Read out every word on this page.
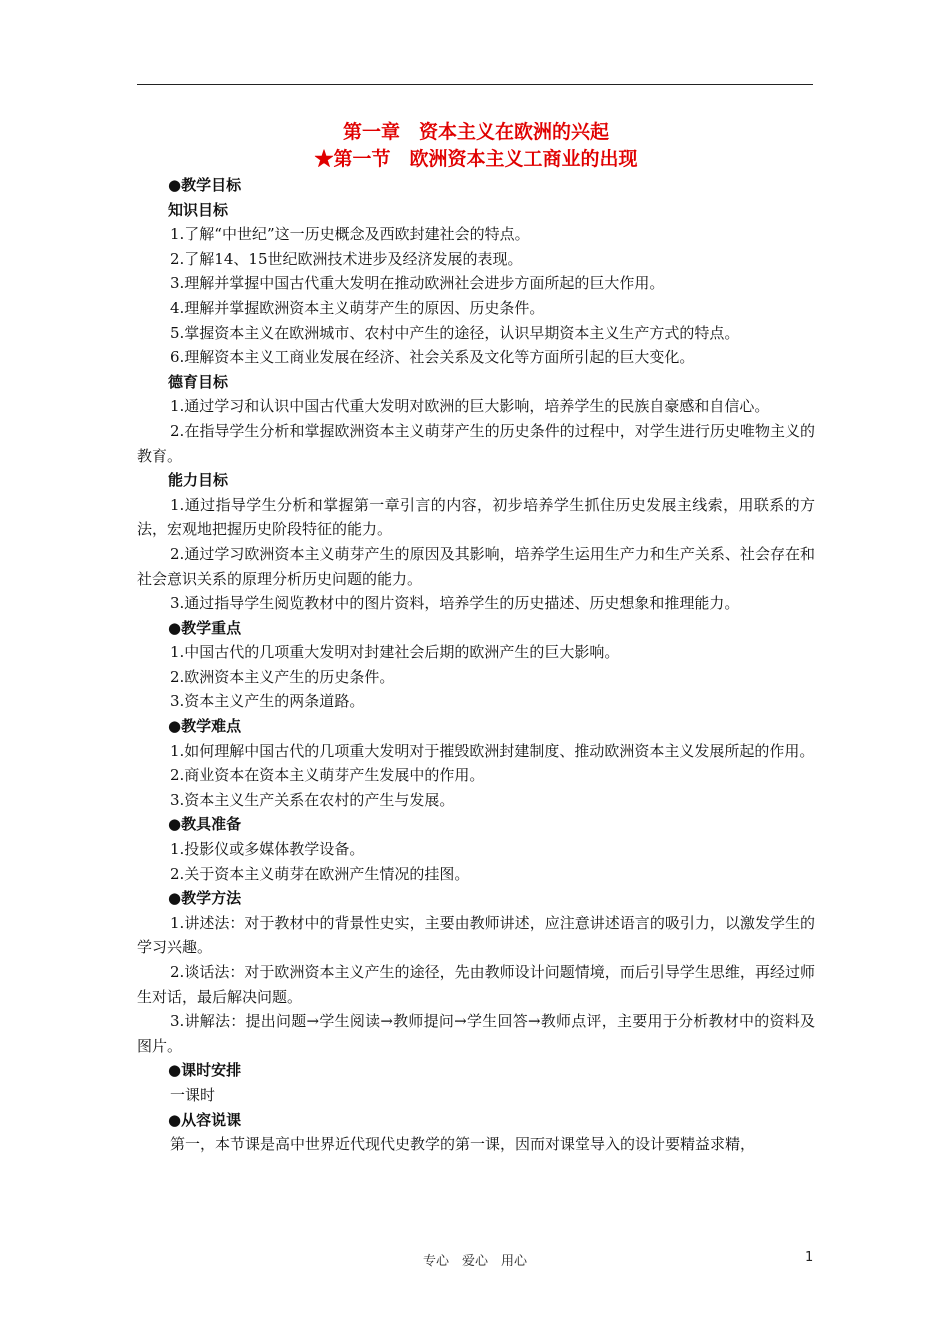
第一章　资本主义在欧洲的兴起
★第一节　欧洲资本主义工商业的出现
●教学目标
知识目标
1.了解“中世纪”这一历史概念及西欧封建社会的特点。
2.了解14、15世纪欧洲技术进步及经济发展的表现。
3.理解并掌握中国古代重大发明在推动欧洲社会进步方面所起的巨大作用。
4.理解并掌握欧洲资本主义萌芽产生的原因、历史条件。
5.掌握资本主义在欧洲城市、农村中产生的途径，认识早期资本主义生产方式的特点。
6.理解资本主义工商业发展在经济、社会关系及文化等方面所引起的巨大变化。
德育目标
1.通过学习和认识中国古代重大发明对欧洲的巨大影响，培养学生的民族自豪感和自信心。
2.在指导学生分析和掌握欧洲资本主义萌芽产生的历史条件的过程中，对学生进行历史唯物主义的教育。
能力目标
1.通过指导学生分析和掌握第一章引言的内容，初步培养学生抓住历史发展主线索，用联系的方法，宏观地把握历史阶段特征的能力。
2.通过学习欧洲资本主义萌芽产生的原因及其影响，培养学生运用生产力和生产关系、社会存在和社会意识关系的原理分析历史问题的能力。
3.通过指导学生阅览教材中的图片资料，培养学生的历史描述、历史想象和推理能力。
●教学重点
1.中国古代的几项重大发明对封建社会后期的欧洲产生的巨大影响。
2.欧洲资本主义产生的历史条件。
3.资本主义产生的两条道路。
●教学难点
1.如何理解中国古代的几项重大发明对于摧毁欧洲封建制度、推动欧洲资本主义发展所起的作用。
2.商业资本在资本主义萌芽产生发展中的作用。
3.资本主义生产关系在农村的产生与发展。
●教具准备
1.投影仪或多媒体教学设备。
2.关于资本主义萌芽在欧洲产生情况的挂图。
●教学方法
1.讲述法：对于教材中的背景性史实，主要由教师讲述，应注意讲述语言的吸引力，以激发学生的学习兴趣。
2.谈话法：对于欧洲资本主义产生的途径，先由教师设计问题情境，而后引导学生思维，再经过师生对话，最后解决问题。
3.讲解法：提出问题→学生阅读→教师提问→学生回答→教师点评，主要用于分析教材中的资料及图片。
●课时安排
一课时
●从容说课
第一，本节课是高中世界近代现代史教学的第一课，因而对课堂导入的设计要精益求精，
专心　爱心　用心	1
